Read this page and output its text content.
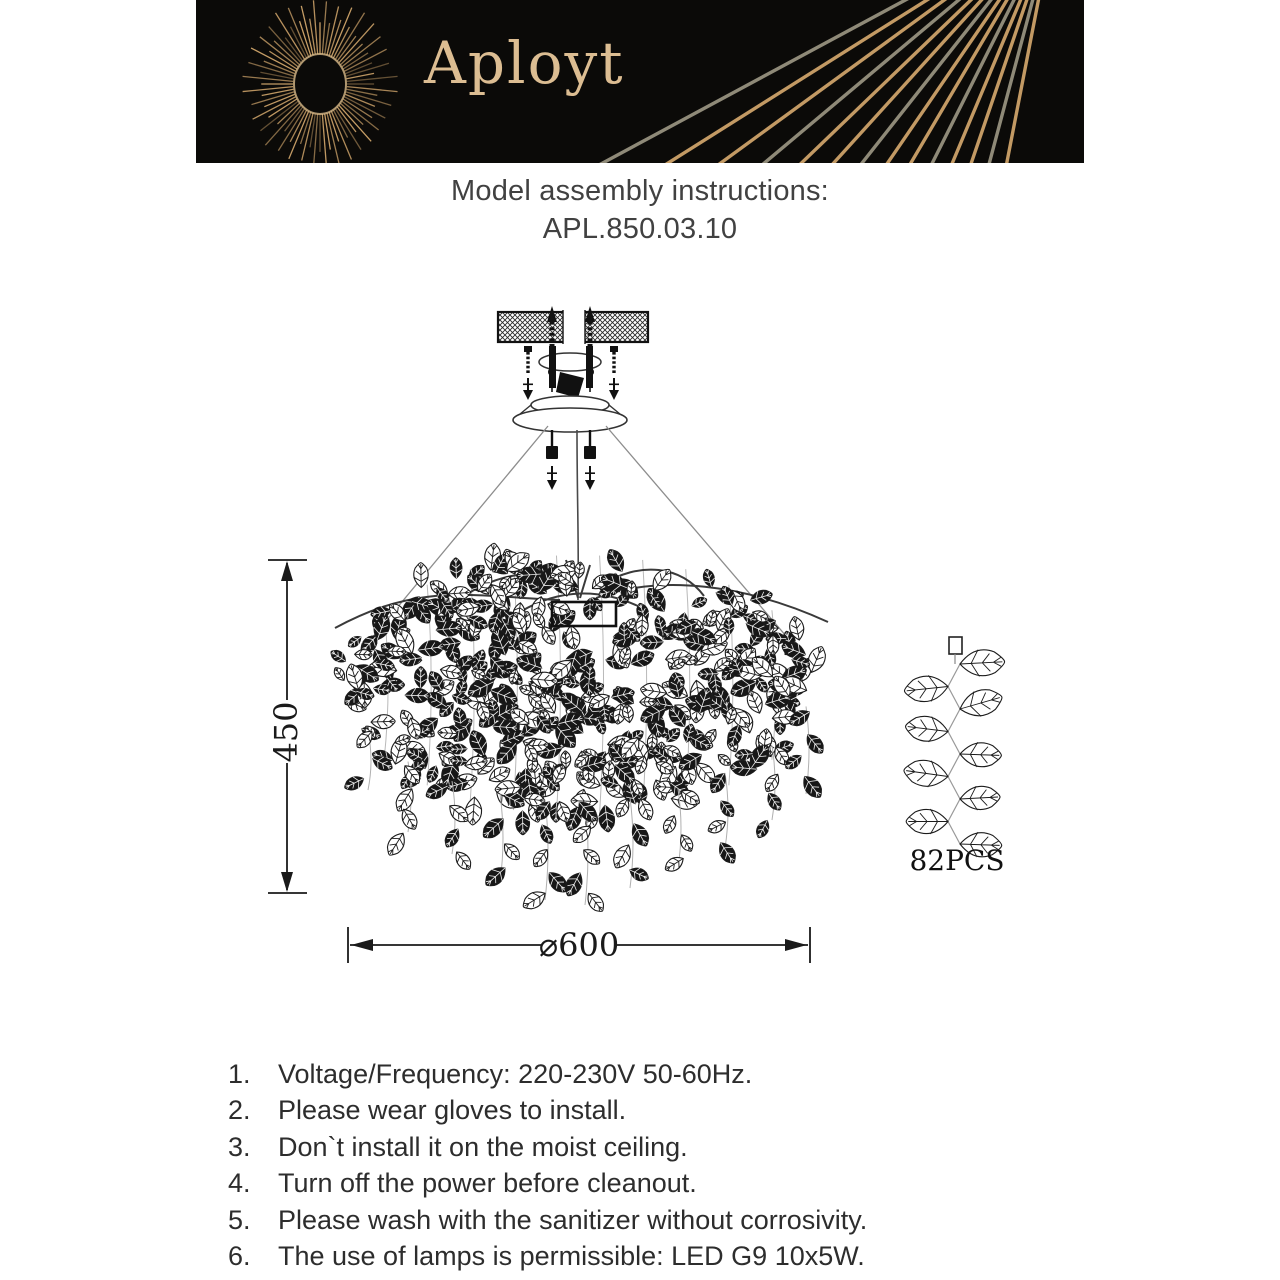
Aployt
Model assembly instructions:
APL.850.03.10
450
⌀600
82PCS
1.	Voltage/Frequency: 220-230V 50-60Hz.
2.	Please wear gloves to install.
3.	Don`t install it on the moist ceiling.
4.	Turn off the power before cleanout.
5.	Please wash with the sanitizer without corrosivity.
6.	The use of lamps is permissible: LED G9 10x5W.
